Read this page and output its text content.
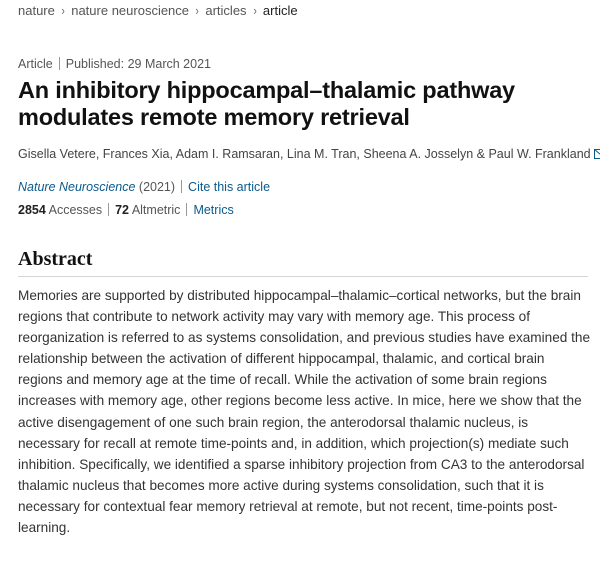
nature › nature neuroscience › articles › article
Article Published: 29 March 2021
An inhibitory hippocampal–thalamic pathway modulates remote memory retrieval
Gisella Vetere, Frances Xia, Adam I. Ramsaran, Lina M. Tran, Sheena A. Josselyn & Paul W. Frankland
Nature Neuroscience (2021) Cite this article
2854 Accesses 72 Altmetric Metrics
Abstract

Memories are supported by distributed hippocampal–thalamic–cortical networks, but the brain regions that contribute to network activity may vary with memory age. This process of reorganization is referred to as systems consolidation, and previous studies have examined the relationship between the activation of different hippocampal, thalamic, and cortical brain regions and memory age at the time of recall. While the activation of some brain regions increases with memory age, other regions become less active. In mice, here we show that the active disengagement of one such brain region, the anterodorsal thalamic nucleus, is necessary for recall at remote time-points and, in addition, which projection(s) mediate such inhibition. Specifically, we identified a sparse inhibitory projection from CA3 to the anterodorsal thalamic nucleus that becomes more active during systems consolidation, such that it is necessary for contextual fear memory retrieval at remote, but not recent, time-points post-learning.
